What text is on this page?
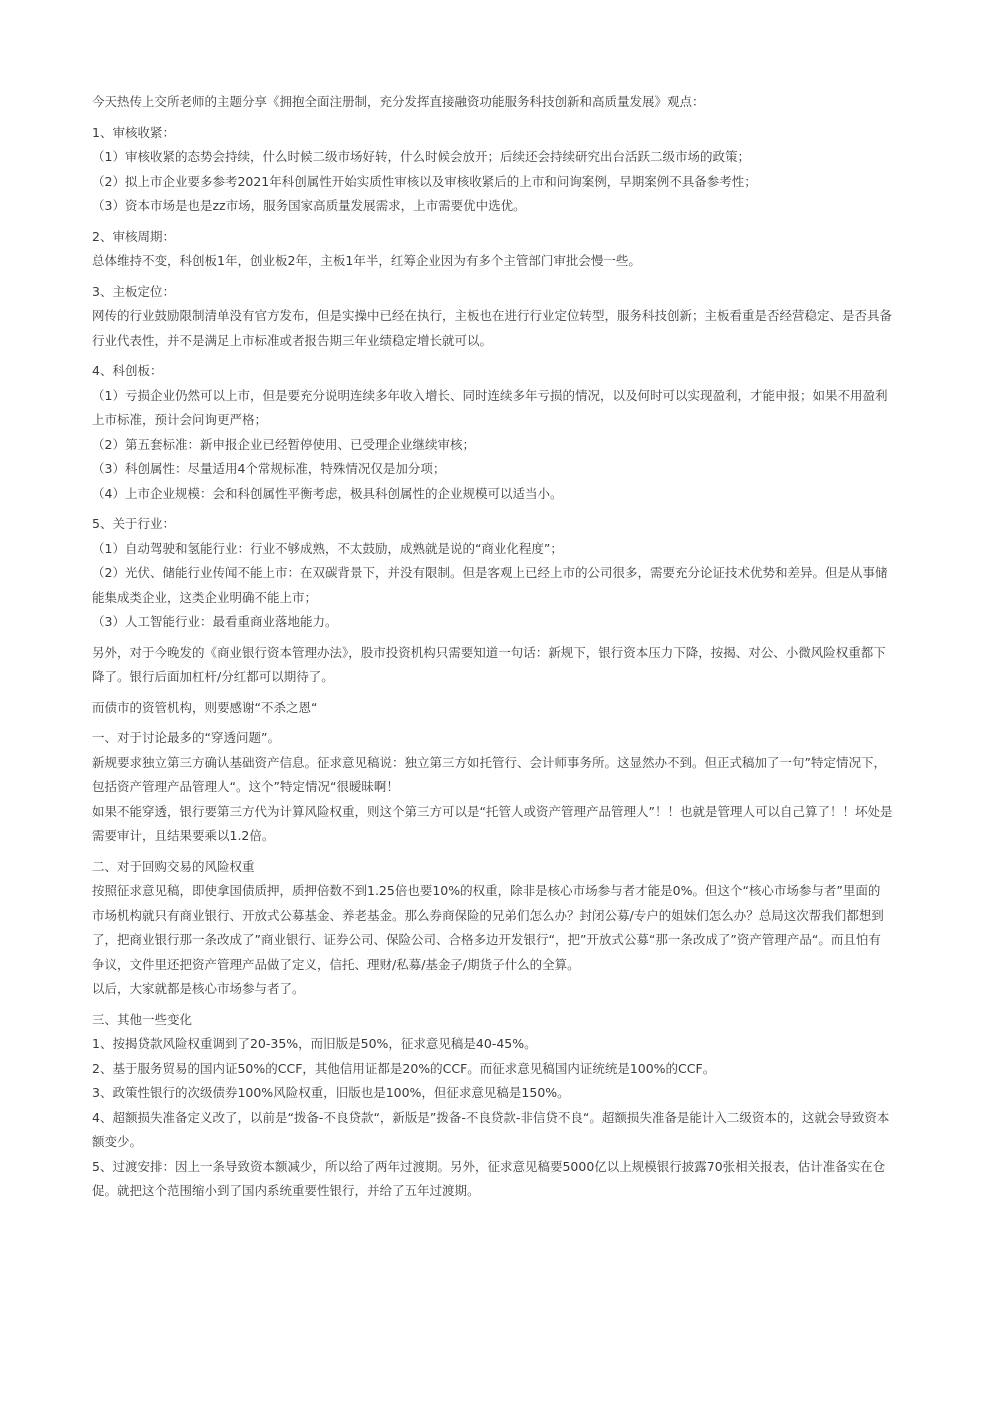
今天热传上交所老师的主题分享《拥抱全面注册制，充分发挥直接融资功能服务科技创新和高质量发展》观点：
1、审核收紧：
（1）审核收紧的态势会持续，什么时候二级市场好转，什么时候会放开；后续还会持续研究出台活跃二级市场的政策；
（2）拟上市企业要多参考2021年科创属性开始实质性审核以及审核收紧后的上市和问询案例，早期案例不具备参考性；
（3）资本市场是也是zz市场，服务国家高质量发展需求，上市需要优中选优。
2、审核周期：
总体维持不变，科创板1年，创业板2年，主板1年半，红筹企业因为有多个主管部门审批会慢一些。
3、主板定位：
网传的行业鼓励限制清单没有官方发布，但是实操中已经在执行，主板也在进行行业定位转型，服务科技创新；主板看重是否经营稳定、是否具备
行业代表性，并不是满足上市标准或者报告期三年业绩稳定增长就可以。
4、科创板：
（1）亏损企业仍然可以上市，但是要充分说明连续多年收入增长、同时连续多年亏损的情况，以及何时可以实现盈利，才能申报；如果不用盈利
上市标准，预计会问询更严格；
（2）第五套标准：新申报企业已经暂停使用、已受理企业继续审核；
（3）科创属性：尽量适用4个常规标准，特殊情况仅是加分项；
（4）上市企业规模：会和科创属性平衡考虑，极具科创属性的企业规模可以适当小。
5、关于行业：
（1）自动驾驶和氢能行业：行业不够成熟，不太鼓励，成熟就是说的“商业化程度”；
（2）光伏、储能行业传闻不能上市：在双碳背景下，并没有限制。但是客观上已经上市的公司很多，需要充分论证技术优势和差异。但是从事储
能集成类企业，这类企业明确不能上市；
（3）人工智能行业：最看重商业落地能力。
另外，对于今晚发的《商业银行资本管理办法》，股市投资机构只需要知道一句话：新规下，银行资本压力下降，按揭、对公、小微风险权重都下
降了。银行后面加杠杆/分红都可以期待了。
而债市的资管机构，则要感谢“不杀之恩“
一、对于讨论最多的“穿透问题”。
新规要求独立第三方确认基础资产信息。征求意见稿说：独立第三方如托管行、会计师事务所。这显然办不到。但正式稿加了一句”特定情况下，
包括资产管理产品管理人“。这个”特定情况“很暧昧啊！
如果不能穿透，银行要第三方代为计算风险权重，则这个第三方可以是“托管人或资产管理产品管理人”！！也就是管理人可以自己算了！！坏处是
需要审计，且结果要乘以1.2倍。
二、对于回购交易的风险权重
按照征求意见稿，即使拿国债质押，质押倍数不到1.25倍也要10%的权重，除非是核心市场参与者才能是0%。但这个“核心市场参与者”里面的
市场机构就只有商业银行、开放式公募基金、养老基金。那么券商保险的兄弟们怎么办？封闭公募/专户的姐妹们怎么办？总局这次帮我们都想到
了，把商业银行那一条改成了”商业银行、证券公司、保险公司、合格多边开发银行“，把”开放式公募“那一条改成了”资产管理产品“。而且怕有
争议，文件里还把资产管理产品做了定义，信托、理财/私募/基金子/期货子什么的全算。
以后，大家就都是核心市场参与者了。
三、其他一些变化
1、按揭贷款风险权重调到了20-35%，而旧版是50%，征求意见稿是40-45%。
2、基于服务贸易的国内证50%的CCF，其他信用证都是20%的CCF。而征求意见稿国内证统统是100%的CCF。
3、政策性银行的次级债券100%风险权重，旧版也是100%，但征求意见稿是150%。
4、超额损失准备定义改了，以前是“拨备-不良贷款“，新版是”拨备-不良贷款-非信贷不良“。超额损失准备是能计入二级资本的，这就会导致资本
额变少。
5、过渡安排：因上一条导致资本额减少，所以给了两年过渡期。另外，征求意见稿要5000亿以上规模银行披露70张相关报表，估计准备实在仓
促。就把这个范围缩小到了国内系统重要性银行，并给了五年过渡期。
